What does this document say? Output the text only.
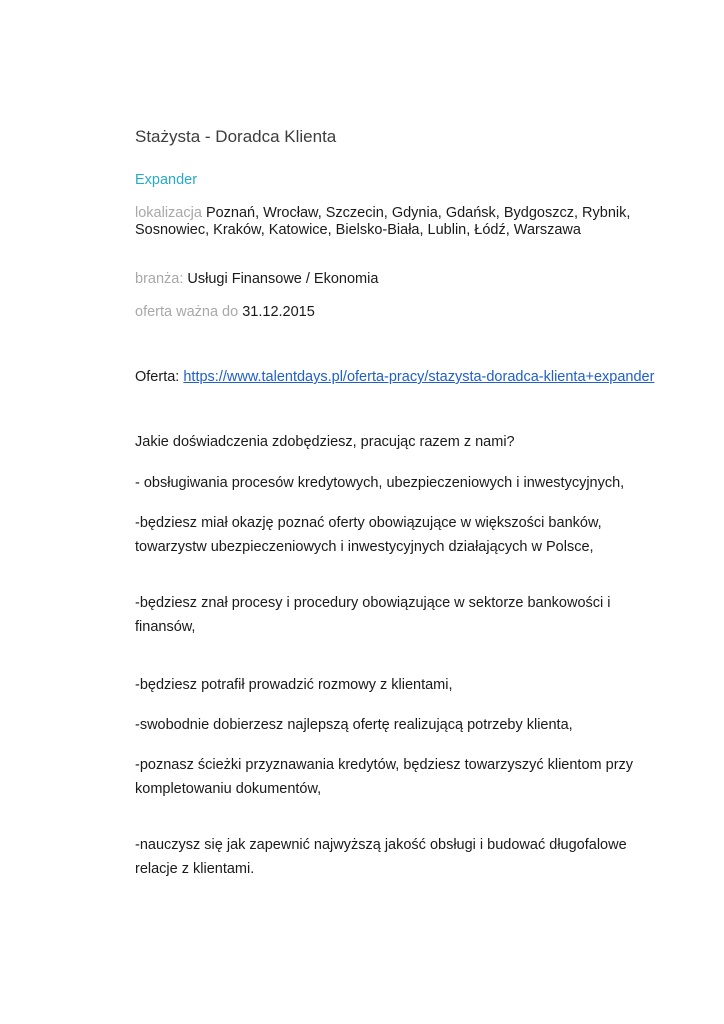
Stażysta - Doradca Klienta
Expander
lokalizacja Poznań, Wrocław, Szczecin, Gdynia, Gdańsk, Bydgoszcz, Rybnik, Sosnowiec, Kraków, Katowice, Bielsko-Biała, Lublin, Łódź, Warszawa
branża: Usługi Finansowe / Ekonomia
oferta ważna do 31.12.2015
Oferta: https://www.talentdays.pl/oferta-pracy/stazysta-doradca-klienta+expander
Jakie doświadczenia zdobędziesz, pracując razem z nami?
- obsługiwania procesów kredytowych, ubezpieczeniowych i inwestycyjnych,
-będziesz miał okazję poznać oferty obowiązujące w większości banków, towarzystw ubezpieczeniowych i inwestycyjnych działających w Polsce,
-będziesz znał procesy i procedury obowiązujące w sektorze bankowości i finansów,
-będziesz potrafił prowadzić rozmowy z klientami,
-swobodnie dobierzesz najlepszą ofertę realizującą potrzeby klienta,
-poznasz ścieżki przyznawania kredytów, będziesz towarzyszyć klientom przy kompletowaniu dokumentów,
-nauczysz się jak zapewnić najwyższą jakość obsługi i budować długofalowe relacje z klientami.
